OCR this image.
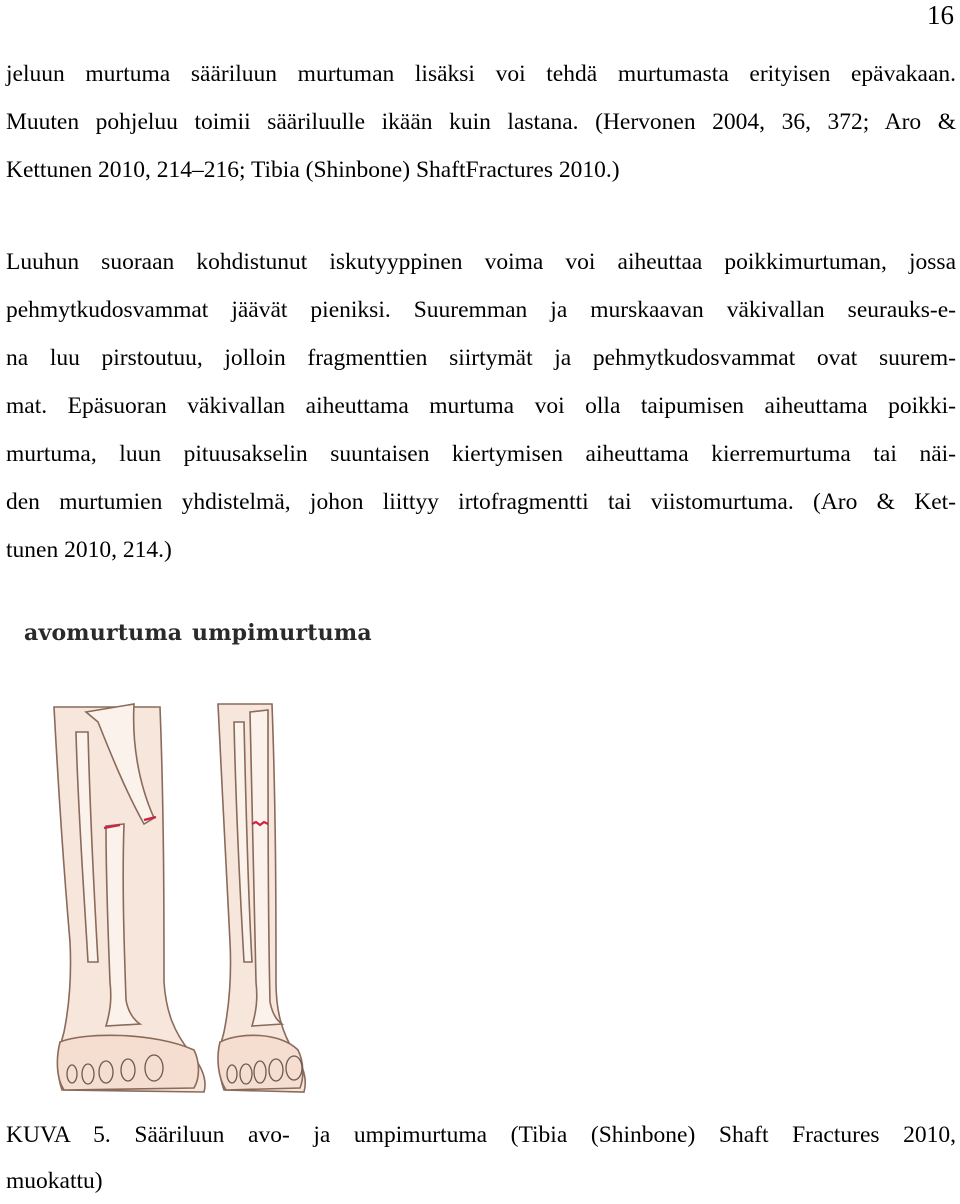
16
jeluun murtuma sääriluun murtuman lisäksi voi tehdä murtumasta erityisen epävakaan.
Muuten pohjeluu toimii sääriluulle ikään kuin lastana. (Hervonen 2004, 36, 372; Aro &
Kettunen 2010, 214–216; Tibia (Shinbone) ShaftFractures 2010.)
Luuhun suoraan kohdistunut iskutyyppinen voima voi aiheuttaa poikkimurtuman, jossa
pehmytkudosvammat jäävät pieniksi. Suuremman ja murskaavan väkivallan seurauks-e-
na luu pirstoutuu, jolloin fragmenttien siirtymät ja pehmytkudosvammat ovat suurem-
mat. Epäsuoran väkivallan aiheuttama murtuma voi olla taipumisen aiheuttama poikki-
murtuma, luun pituusakselin suuntaisen kiertymisen aiheuttama kierremurtuma tai näi-
den murtumien yhdistelmä, johon liittyy irtofragmentti tai viistomurtuma. (Aro & Ket-
tunen 2010, 214.)
avomurtuma umpimurtuma
KUVA 5. Sääriluun avo- ja umpimurtuma (Tibia (Shinbone) Shaft Fractures 2010,
muokattu)
